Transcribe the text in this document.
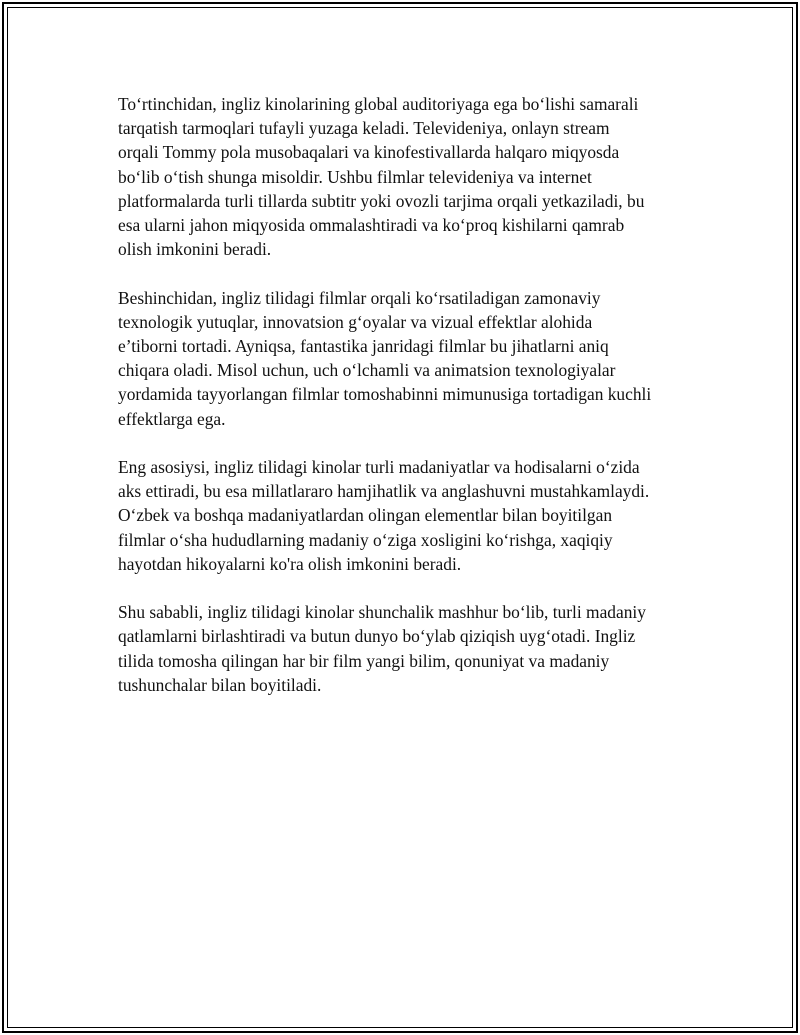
To‘rtinchidan, ingliz kinolarining global auditoriyaga ega bo‘lishi samarali
tarqatish tarmoqlari tufayli yuzaga keladi. Televideniya, onlayn stream
orqali Tommy pola musobaqalari va kinofestivallarda halqaro miqyosda
bo‘lib o‘tish shunga misoldir. Ushbu filmlar televideniya va internet
platformalarda turli tillarda subtitr yoki ovozli tarjima orqali yetkaziladi, bu
esa ularni jahon miqyosida ommalashtiradi va ko‘proq kishilarni qamrab
olish imkonini beradi.

Beshinchidan, ingliz tilidagi filmlar orqali ko‘rsatiladigan zamonaviy
texnologik yutuqlar, innovatsion g‘oyalar va vizual effektlar alohida
e’tiborni tortadi. Ayniqsa, fantastika janridagi filmlar bu jihatlarni aniq
chiqara oladi. Misol uchun, uch o‘lchamli va animatsion texnologiyalar
yordamida tayyorlangan filmlar tomoshabinni mimunusiga tortadigan kuchli
effektlarga ega.

Eng asosiysi, ingliz tilidagi kinolar turli madaniyatlar va hodisalarni o‘zida
aks ettiradi, bu esa millatlararo hamjihatlik va anglashuvni mustahkamlaydi.
O‘zbek va boshqa madaniyatlardan olingan elementlar bilan boyitilgan
filmlar o‘sha hududlarning madaniy o‘ziga xosligini ko‘rishga, xaqiqiy
hayotdan hikoyalarni ko'ra olish imkonini beradi.

Shu sababli, ingliz tilidagi kinolar shunchalik mashhur bo‘lib, turli madaniy
qatlamlarni birlashtiradi va butun dunyo bo‘ylab qiziqish uyg‘otadi. Ingliz
tilida tomosha qilingan har bir film yangi bilim, qonuniyat va madaniy
tushunchalar bilan boyitiladi.
